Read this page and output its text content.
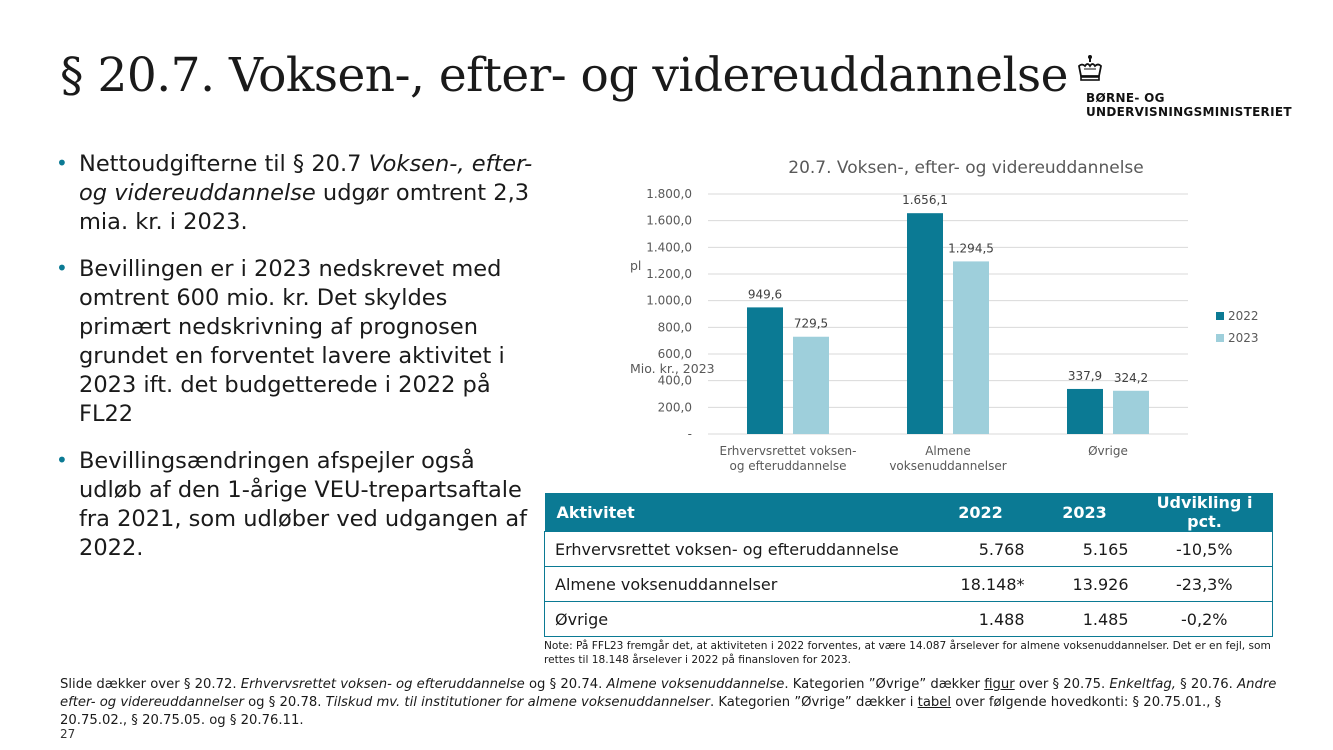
§ 20.7. Voksen-, efter- og videreuddannelse BØRNE- OG
UNDERVISNINGSMINISTERIET
• Nettoudgifterne til § 20.7 Voksen-, efter- og videreuddannelse udgør omtrent 2,3 mia. kr. i 2023.
• Bevillingen er i 2023 nedskrevet med omtrent 600 mio. kr. Det skyldes primært nedskrivning af prognosen grundet en forventet lavere aktivitet i 2023 ift. det budgetterede i 2022 på FL22
• Bevillingsændringen afspejler også udløb af den 1-årige VEU-trepartsaftale fra 2021, som udløber ved udgangen af 2022.
20.7. Voksen-, efter- og videreuddannelse
-
200,0
400,0
600,0
800,0
1.000,0
1.200,0
1.400,0
1.600,0
1.800,0
pl
Mio. kr., 2023
949,6
729,5
Erhvervsrettet voksen-
og efteruddannelse
1.656,1
1.294,5
Almene
voksenuddannelser
337,9 324,2
Øvrige
2022
2023
Aktivitet	2022	2023	Udvikling i pct.
Erhvervsrettet voksen- og efteruddannelse	5.768	5.165	-10,5%
Almene voksenuddannelser	18.148*	13.926	-23,3%
Øvrige	1.488	1.485	-0,2%
Note: På FFL23 fremgår det, at aktiviteten i 2022 forventes, at være 14.087 årselever for almene voksenuddannelser. Det er en fejl, som rettes til 18.148 årselever i 2022 på finansloven for 2023.
Slide dækker over § 20.72. Erhvervsrettet voksen- og efteruddannelse og § 20.74. Almene voksenuddannelse. Kategorien ”Øvrige” dækker figur over § 20.75. Enkeltfag, § 20.76. Andre efter- og videreuddannelser og § 20.78. Tilskud mv. til institutioner for almene voksenuddannelser. Kategorien ”Øvrige” dækker i tabel over følgende hovedkonti: § 20.75.01., § 20.75.02., § 20.75.05. og § 20.76.11.
27
